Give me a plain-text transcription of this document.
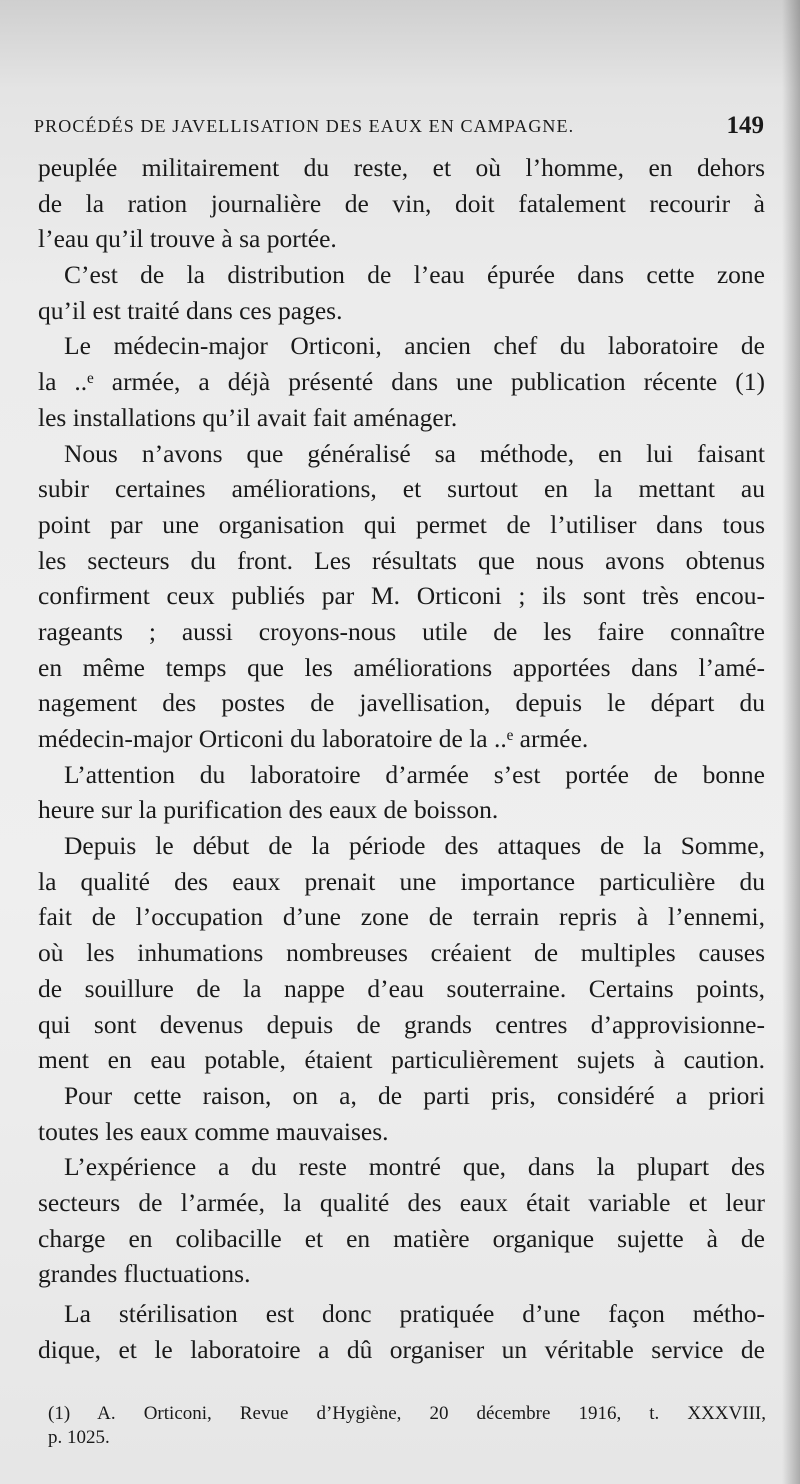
PROCÉDÉS DE JAVELLISATION DES EAUX EN CAMPAGNE.	149
peuplée militairement du reste, et où l’homme, en dehors
de la ration journalière de vin, doit fatalement recourir à
l’eau qu’il trouve à sa portée.
C’est de la distribution de l’eau épurée dans cette zone
qu’il est traité dans ces pages.
Le médecin-major Orticoni, ancien chef du laboratoire de
la ..ᵉ armée, a déjà présenté dans une publication récente (1)
les installations qu’il avait fait aménager.
Nous n’avons que généralisé sa méthode, en lui faisant
subir certaines améliorations, et surtout en la mettant au
point par une organisation qui permet de l’utiliser dans tous
les secteurs du front. Les résultats que nous avons obtenus
confirment ceux publiés par M. Orticoni ; ils sont très encou-
rageants ; aussi croyons-nous utile de les faire connaître
en même temps que les améliorations apportées dans l’amé-
nagement des postes de javellisation, depuis le départ du
médecin-major Orticoni du laboratoire de la ..ᵉ armée.
L’attention du laboratoire d’armée s’est portée de bonne
heure sur la purification des eaux de boisson.
Depuis le début de la période des attaques de la Somme,
la qualité des eaux prenait une importance particulière du
fait de l’occupation d’une zone de terrain repris à l’ennemi,
où les inhumations nombreuses créaient de multiples causes
de souillure de la nappe d’eau souterraine. Certains points,
qui sont devenus depuis de grands centres d’approvisionne-
ment en eau potable, étaient particulièrement sujets à caution.
Pour cette raison, on a, de parti pris, considéré a priori
toutes les eaux comme mauvaises.
L’expérience a du reste montré que, dans la plupart des
secteurs de l’armée, la qualité des eaux était variable et leur
charge en colibacille et en matière organique sujette à de
grandes fluctuations.
La stérilisation est donc pratiquée d’une façon métho-
dique, et le laboratoire a dû organiser un véritable service de
(1) A. Orticoni, Revue d’Hygiène, 20 décembre 1916, t. XXXVIII,
p. 1025.
